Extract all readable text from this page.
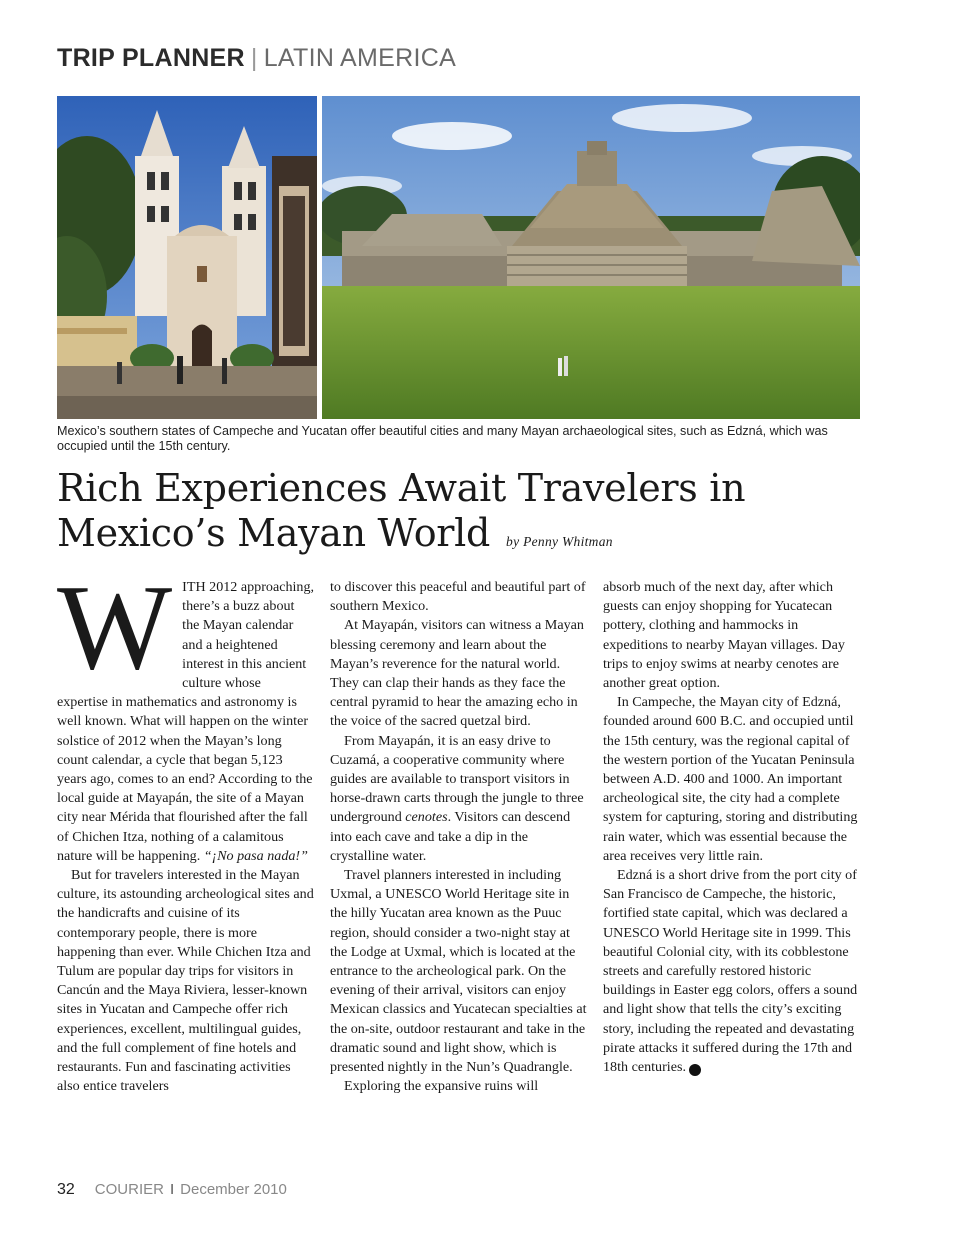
TRIP PLANNER | LATIN AMERICA
Mexico’s southern states of Campeche and Yucatan offer beautiful cities and many Mayan archaeological sites, such as Edzná, which was occupied until the 15th century.
Rich Experiences Await Travelers in
Mexico’s Mayan World by Penny Whitman

WITH 2012 approaching, there’s a buzz about the Mayan calendar and a heightened interest in this ancient culture whose expertise in mathematics and astronomy is well known. What will happen on the winter solstice of 2012 when the Mayan’s long count calendar, a cycle that began 5,123 years ago, comes to an end? According to the local guide at Mayapán, the site of a Mayan city near Mérida that flourished after the fall of Chichen Itza, nothing of a calamitous nature will be happening. “¡No pasa nada!”

But for travelers interested in the Mayan culture, its astounding archeological sites and the handicrafts and cuisine of its contemporary people, there is more happening than ever. While Chichen Itza and Tulum are popular day trips for visitors in Cancún and the Maya Riviera, lesser-known sites in Yucatan and Campeche offer rich experiences, excellent, multilingual guides, and the full complement of fine hotels and restaurants. Fun and fascinating activities also entice travelers

to discover this peaceful and beautiful part of southern Mexico.

At Mayapán, visitors can witness a Mayan blessing ceremony and learn about the Mayan’s reverence for the natural world. They can clap their hands as they face the central pyramid to hear the amazing echo in the voice of the sacred quetzal bird.

From Mayapán, it is an easy drive to Cuzamá, a cooperative community where guides are available to transport visitors in horse-drawn carts through the jungle to three underground cenotes. Visitors can descend into each cave and take a dip in the crystalline water.

Travel planners interested in including Uxmal, a UNESCO World Heritage site in the hilly Yucatan area known as the Puuc region, should consider a two-night stay at the Lodge at Uxmal, which is located at the entrance to the archeological park. On the evening of their arrival, visitors can enjoy Mexican classics and Yucatecan specialties at the on-site, outdoor restaurant and take in the dramatic sound and light show, which is presented nightly in the Nun’s Quadrangle.

Exploring the expansive ruins will

absorb much of the next day, after which guests can enjoy shopping for Yucatecan pottery, clothing and hammocks in expeditions to nearby Mayan villages. Day trips to enjoy swims at nearby cenotes are another great option.

In Campeche, the Mayan city of Edzná, founded around 600 B.C. and occupied until the 15th century, was the regional capital of the western portion of the Yucatan Peninsula between A.D. 400 and 1000. An important archeological site, the city had a complete system for capturing, storing and distributing rain water, which was essential because the area receives very little rain.

Edzná is a short drive from the port city of San Francisco de Campeche, the historic, fortified state capital, which was declared a UNESCO World Heritage site in 1999. This beautiful Colonial city, with its cobblestone streets and carefully restored historic buildings in Easter egg colors, offers a sound and light show that tells the city’s exciting story, including the repeated and devastating pirate attacks it suffered during the 17th and 18th centuries. C

32 COURIER I December 2010
